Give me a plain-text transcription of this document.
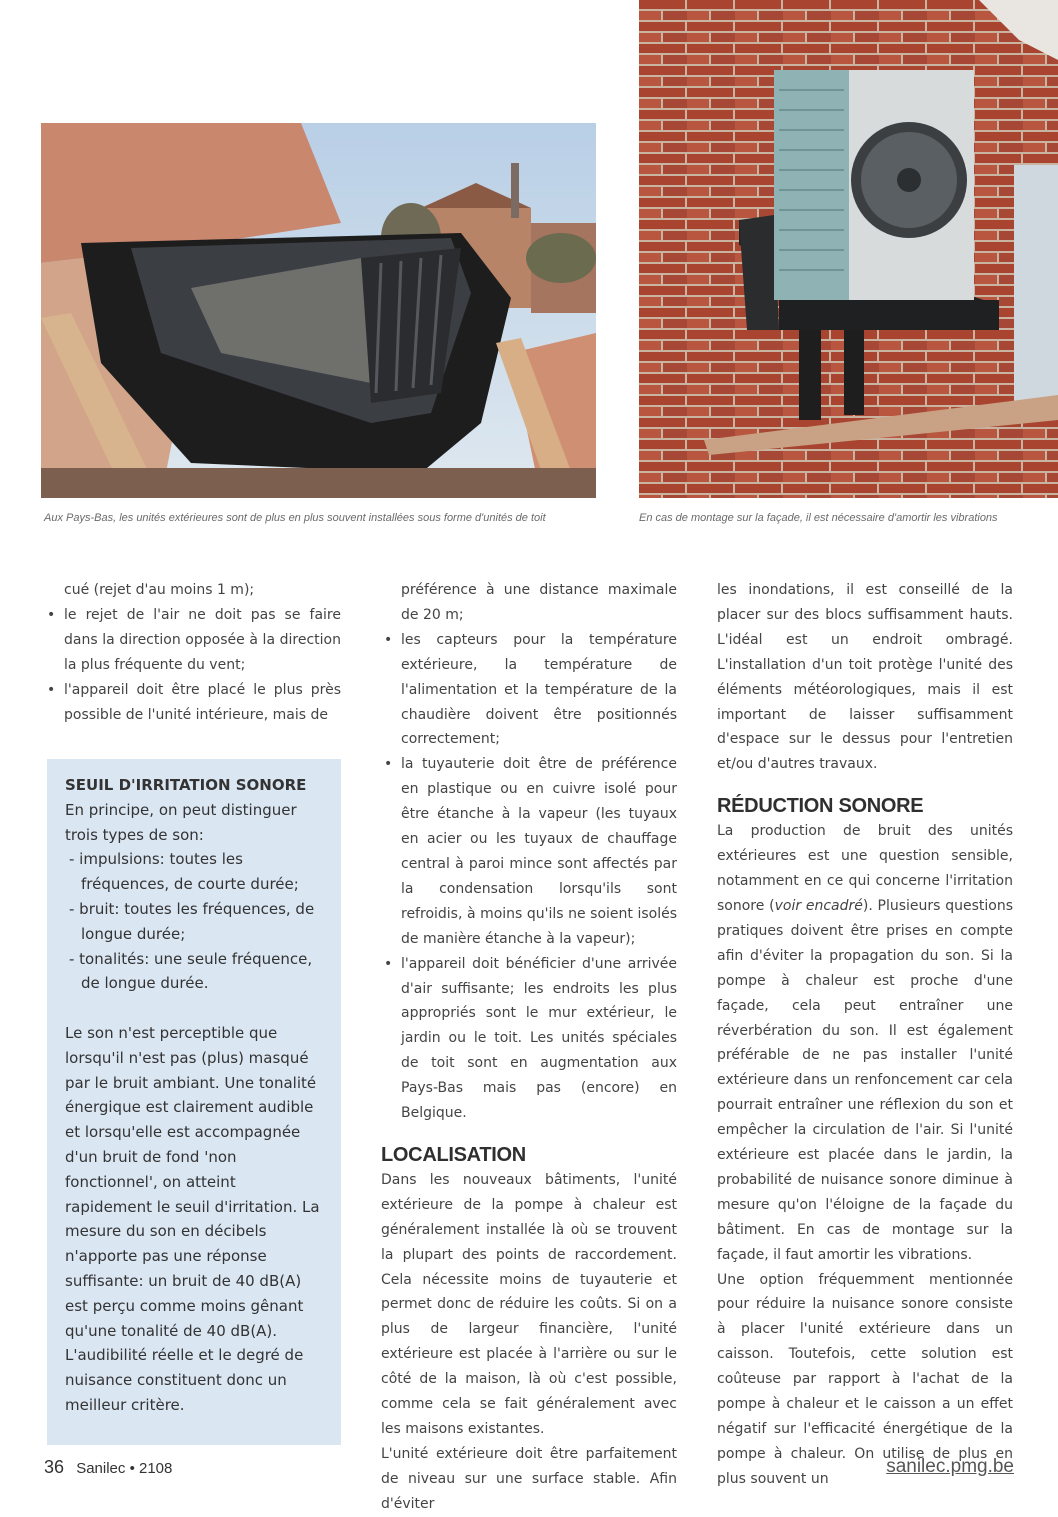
Aux Pays-Bas, les unités extérieures sont de plus en plus souvent installées sous forme d'unités de toit	En cas de montage sur la façade, il est nécessaire d'amortir les vibrations

cué (rejet d'au moins 1 m);

• le rejet de l'air ne doit pas se faire dans la direction opposée à la direction la plus fréquente du vent;
• l'appareil doit être placé le plus près possible de l'unité intérieure, mais de

SEUIL D'IRRITATION SONORE

En principe, on peut distinguer trois types de son:

- impulsions: toutes les fréquences, de courte durée;
- bruit: toutes les fréquences, de longue durée;
- tonalités: une seule fréquence, de longue durée.

Le son n'est perceptible que lorsqu'il n'est pas (plus) masqué par le bruit ambiant. Une tonalité énergique est clairement audible et lorsqu'elle est accompagnée d'un bruit de fond 'non fonctionnel', on atteint rapidement le seuil d'irritation. La mesure du son en décibels n'apporte pas une réponse suffisante: un bruit de 40 dB(A) est perçu comme moins gênant qu'une tonalité de 40 dB(A). L'audibilité réelle et le degré de nuisance constituent donc un meilleur critère.

préférence à une distance maximale de 20 m;

• les capteurs pour la température extérieure, la température de l'alimentation et la température de la chaudière doivent être positionnés correctement;
• la tuyauterie doit être de préférence en plastique ou en cuivre isolé pour être étanche à la vapeur (les tuyaux en acier ou les tuyaux de chauffage central à paroi mince sont affectés par la condensation lorsqu'ils sont refroidis, à moins qu'ils ne soient isolés de manière étanche à la vapeur);
• l'appareil doit bénéficier d'une arrivée d'air suffisante; les endroits les plus appropriés sont le mur extérieur, le jardin ou le toit. Les unités spéciales de toit sont en augmentation aux Pays-Bas mais pas (encore) en Belgique.

LOCALISATION

Dans les nouveaux bâtiments, l'unité extérieure de la pompe à chaleur est généralement installée là où se trouvent la plupart des points de raccordement. Cela nécessite moins de tuyauterie et permet donc de réduire les coûts. Si on a plus de largeur financière, l'unité extérieure est placée à l'arrière ou sur le côté de la maison, là où c'est possible, comme cela se fait généralement avec les maisons existantes.

L'unité extérieure doit être parfaitement de niveau sur une surface stable. Afin d'éviter

les inondations, il est conseillé de la placer sur des blocs suffisamment hauts. L'idéal est un endroit ombragé. L'installation d'un toit protège l'unité des éléments météorologiques, mais il est important de laisser suffisamment d'espace sur le dessus pour l'entretien et/ou d'autres travaux.

RÉDUCTION SONORE

La production de bruit des unités extérieures est une question sensible, notamment en ce qui concerne l'irritation sonore (voir encadré). Plusieurs questions pratiques doivent être prises en compte afin d'éviter la propagation du son. Si la pompe à chaleur est proche d'une façade, cela peut entraîner une réverbération du son. Il est également préférable de ne pas installer l'unité extérieure dans un renfoncement car cela pourrait entraîner une réflexion du son et empêcher la circulation de l'air. Si l'unité extérieure est placée dans le jardin, la probabilité de nuisance sonore diminue à mesure qu'on l'éloigne de la façade du bâtiment. En cas de montage sur la façade, il faut amortir les vibrations.

Une option fréquemment mentionnée pour réduire la nuisance sonore consiste à placer l'unité extérieure dans un caisson. Toutefois, cette solution est coûteuse par rapport à l'achat de la pompe à chaleur et le caisson a un effet négatif sur l'efficacité énergétique de la pompe à chaleur. On utilise de plus en plus souvent un

36 Sanilec • 2108	sanilec.pmg.be
